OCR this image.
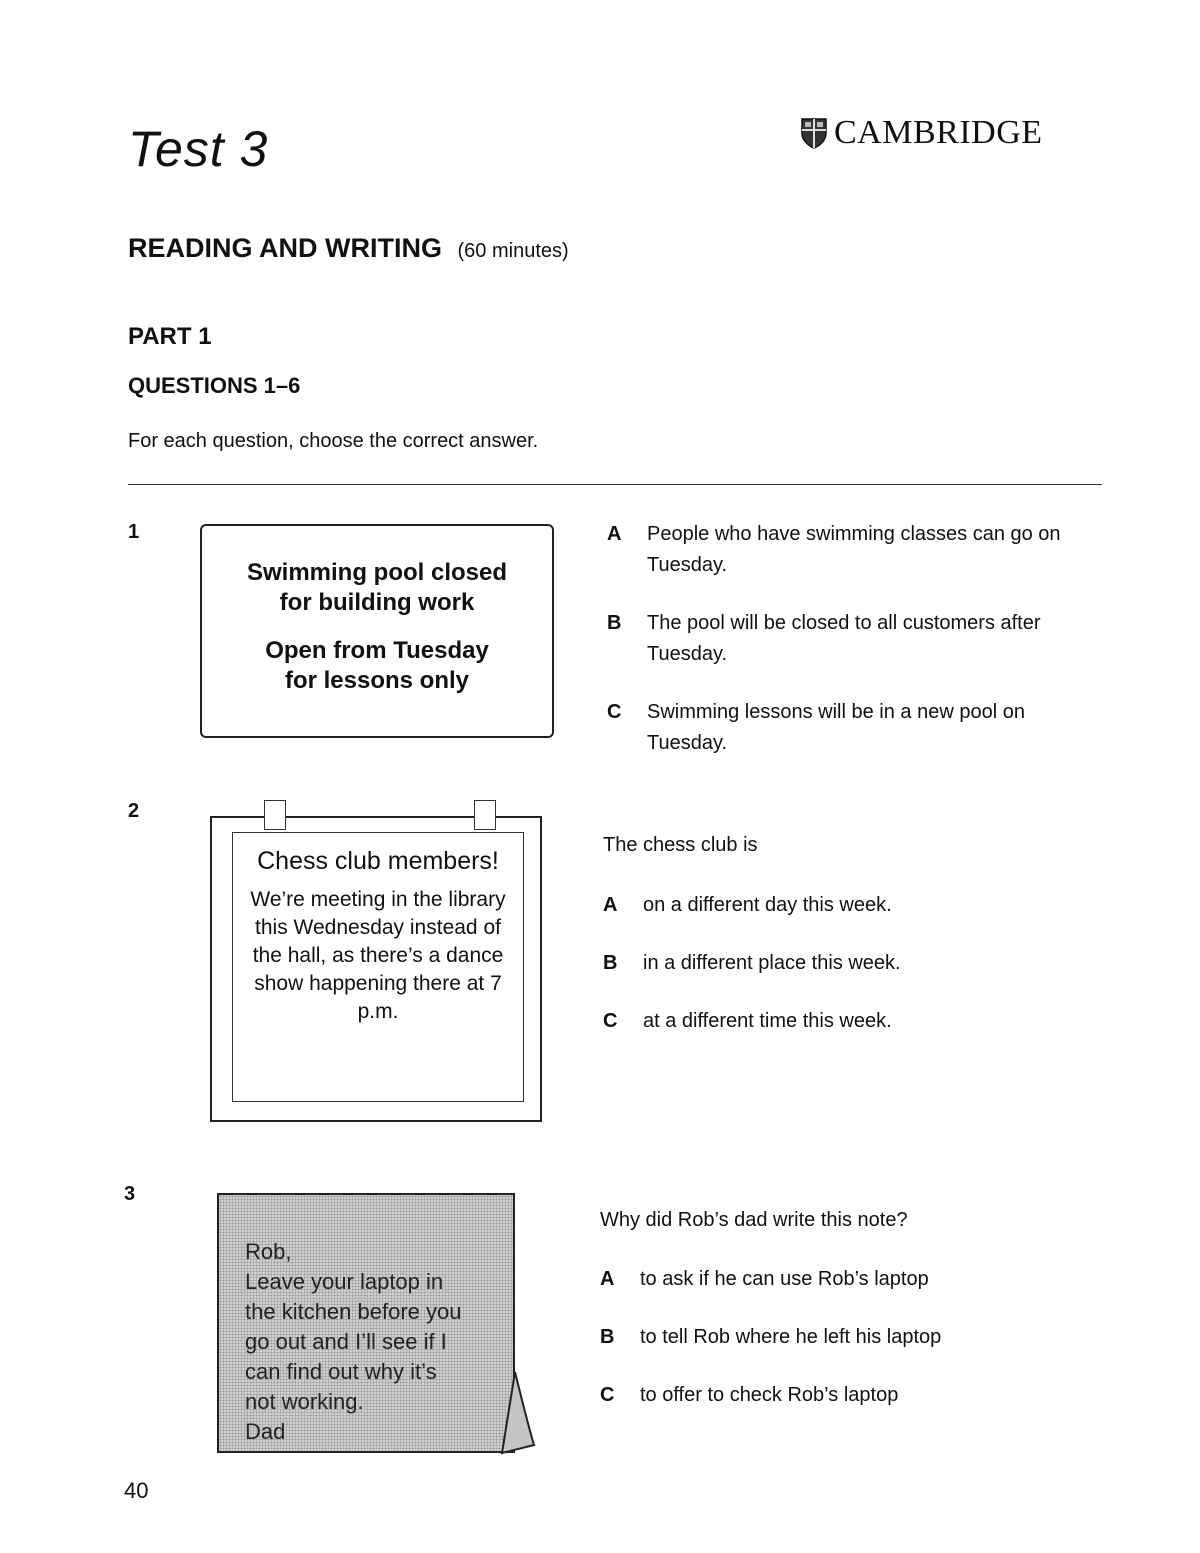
Test 3	CAMBRIDGE
READING AND WRITING (60 minutes)
PART 1
QUESTIONS 1–6
For each question, choose the correct answer.
1

Swimming pool closed

for building work

Open from Tuesday

for lessons only

A	People who have swimming classes can go on Tuesday.
B	The pool will be closed to all customers after Tuesday.
C	Swimming lessons will be in a new pool on Tuesday.
2
Chess club members!
We’re meeting in the library this Wednesday instead of the hall, as there’s a dance show happening there at 7 p.m.
The chess club is
A	on a different day this week.
B	in a different place this week.
C	at a different time this week.
3
Rob,
Leave your laptop in
the kitchen before you
go out and I’ll see if I
can find out why it’s
not working.
Dad
Why did Rob’s dad write this note?
A	to ask if he can use Rob’s laptop
B	to tell Rob where he left his laptop
C	to offer to check Rob’s laptop
40
